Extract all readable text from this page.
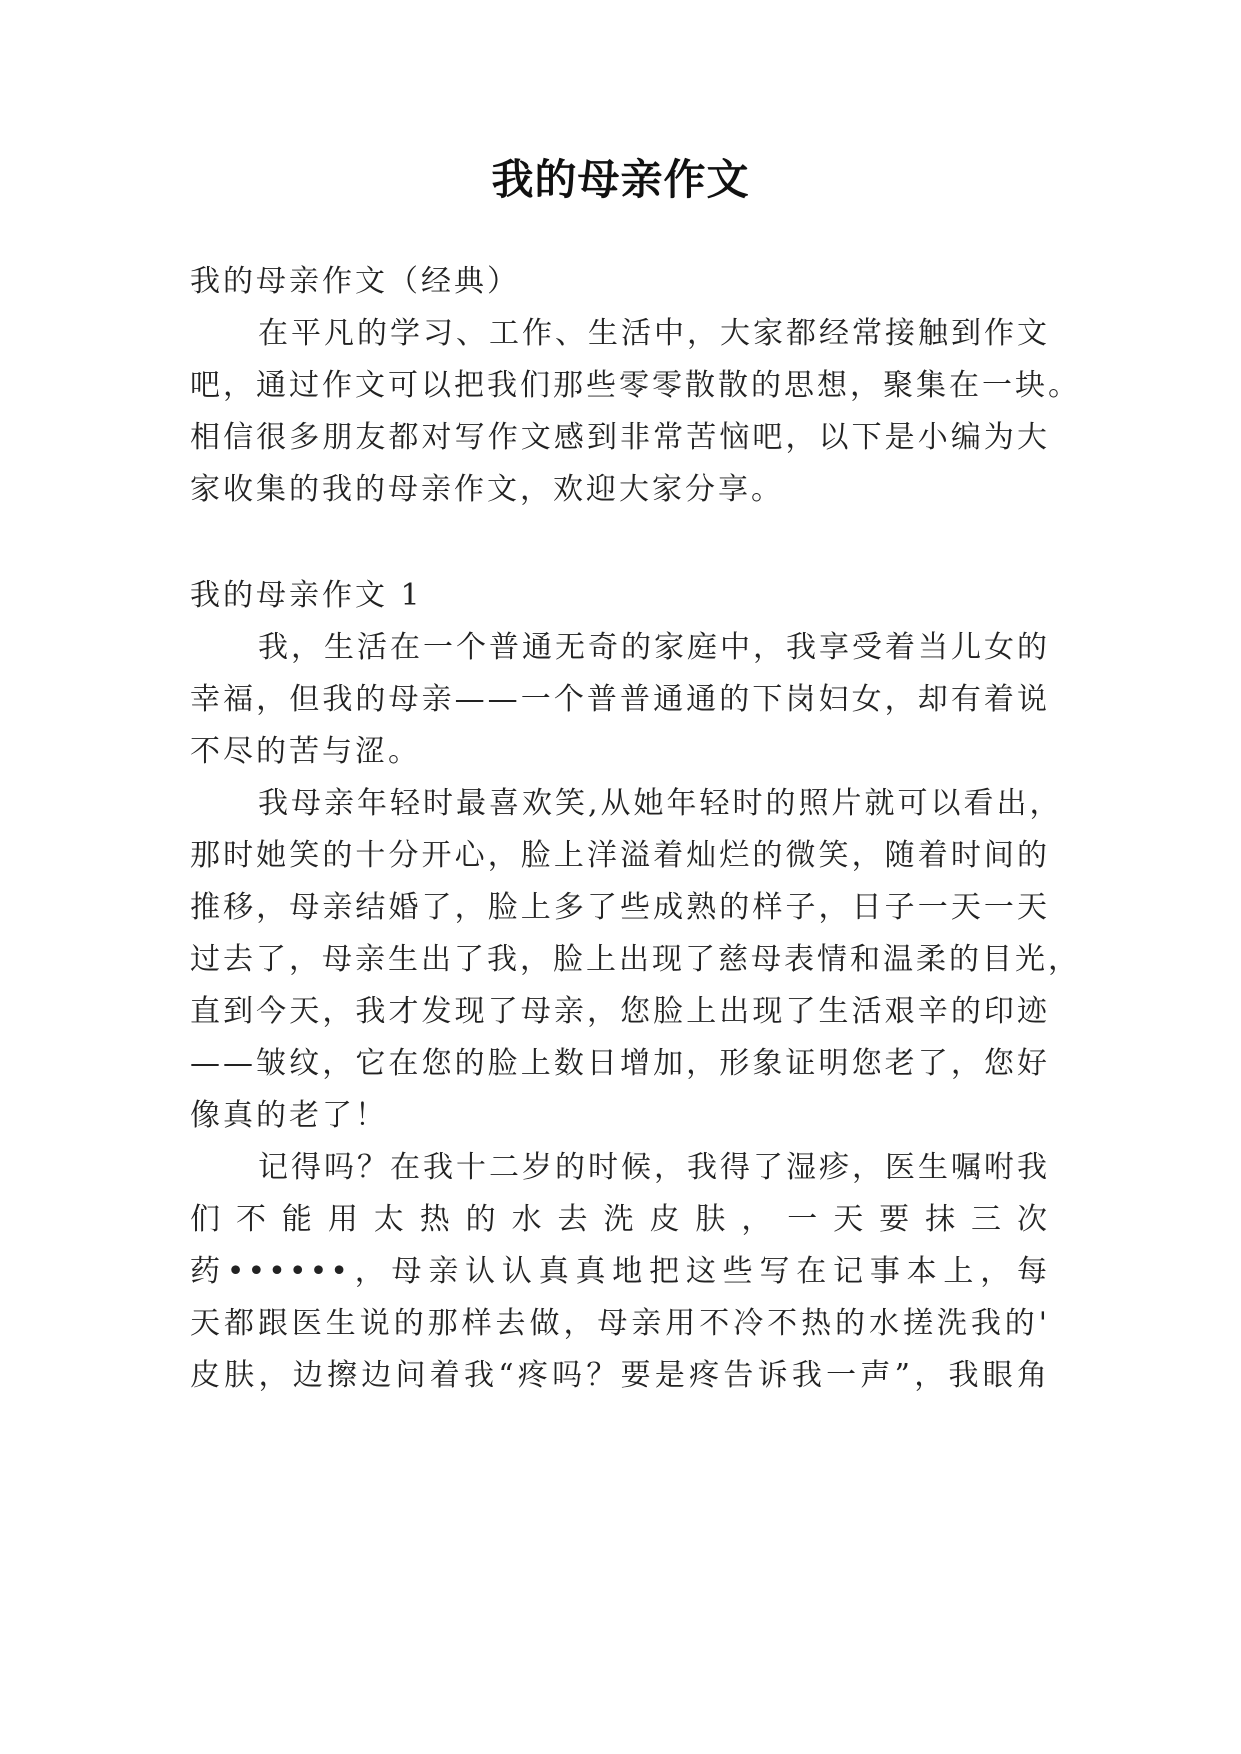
我的母亲作文
我的母亲作文（经典）
在平凡的学习、工作、生活中，大家都经常接触到作文
吧，通过作文可以把我们那些零零散散的思想，聚集在一块。
相信很多朋友都对写作文感到非常苦恼吧，以下是小编为大
家收集的我的母亲作文，欢迎大家分享。
我的母亲作文 1
我，生活在一个普通无奇的家庭中，我享受着当儿女的
幸福，但我的母亲——一个普普通通的下岗妇女，却有着说
不尽的苦与涩。
我母亲年轻时最喜欢笑,从她年轻时的照片就可以看出，
那时她笑的十分开心，脸上洋溢着灿烂的微笑，随着时间的
推移，母亲结婚了，脸上多了些成熟的样子，日子一天一天
过去了，母亲生出了我，脸上出现了慈母表情和温柔的目光，
直到今天，我才发现了母亲，您脸上出现了生活艰辛的印迹
——皱纹，它在您的脸上数日增加，形象证明您老了，您好
像真的老了！
记得吗？在我十二岁的时候，我得了湿疹，医生嘱咐我
们 不 能 用 太 热 的 水 去 洗 皮 肤 ， 一 天 要 抹 三 次
药••••••，母亲认认真真地把这些写在记事本上，每
天都跟医生说的那样去做，母亲用不冷不热的水搓洗我的'
皮肤，边擦边问着我“疼吗？要是疼告诉我一声”，我眼角
